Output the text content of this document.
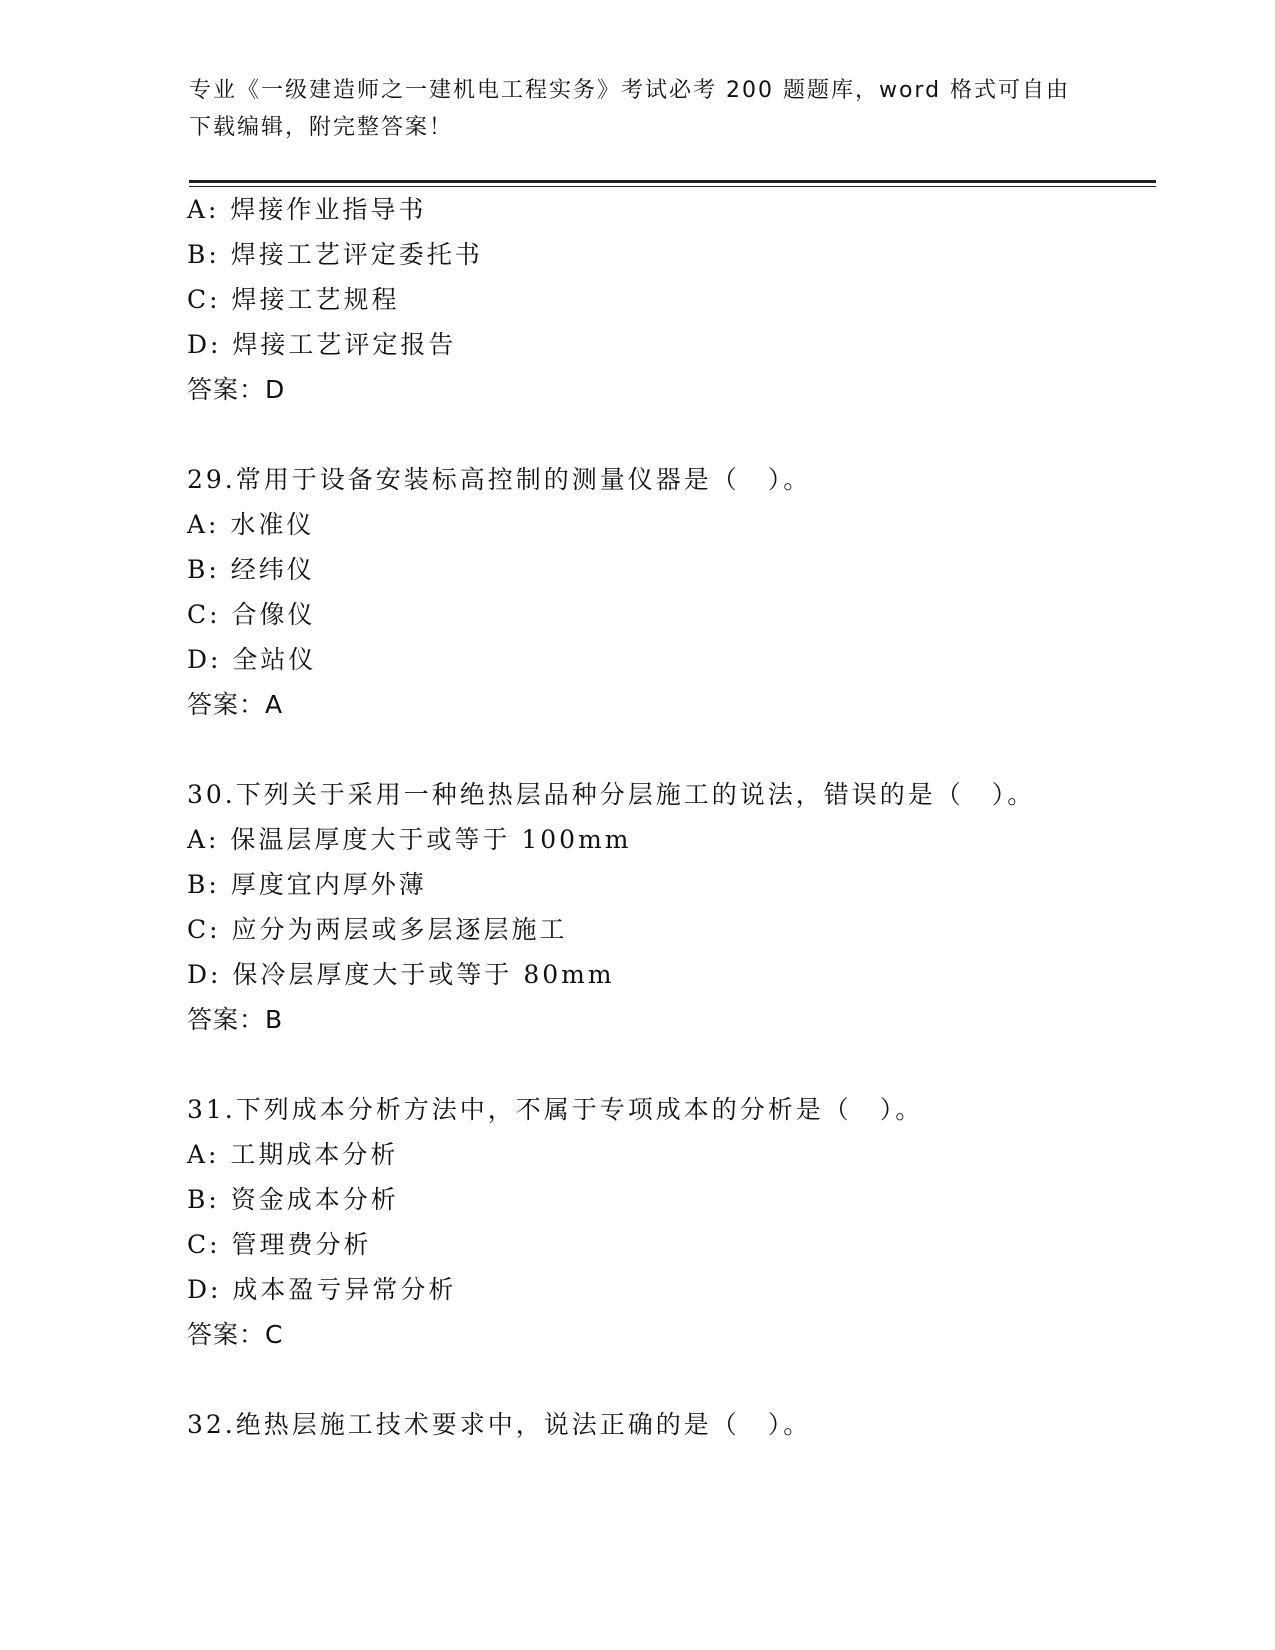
专业《一级建造师之一建机电工程实务》考试必考 200 题题库，word 格式可自由
下载编辑，附完整答案！
A: 焊接作业指导书
B: 焊接工艺评定委托书
C: 焊接工艺规程
D: 焊接工艺评定报告
答案：D
29.常用于设备安装标高控制的测量仪器是（　）。
A: 水准仪
B: 经纬仪
C: 合像仪
D: 全站仪
答案：A
30.下列关于采用一种绝热层品种分层施工的说法，错误的是（　）。
A: 保温层厚度大于或等于 100mm
B: 厚度宜内厚外薄
C: 应分为两层或多层逐层施工
D: 保冷层厚度大于或等于 80mm
答案：B
31.下列成本分析方法中，不属于专项成本的分析是（　）。
A: 工期成本分析
B: 资金成本分析
C: 管理费分析
D: 成本盈亏异常分析
答案：C
32.绝热层施工技术要求中，说法正确的是（　）。
